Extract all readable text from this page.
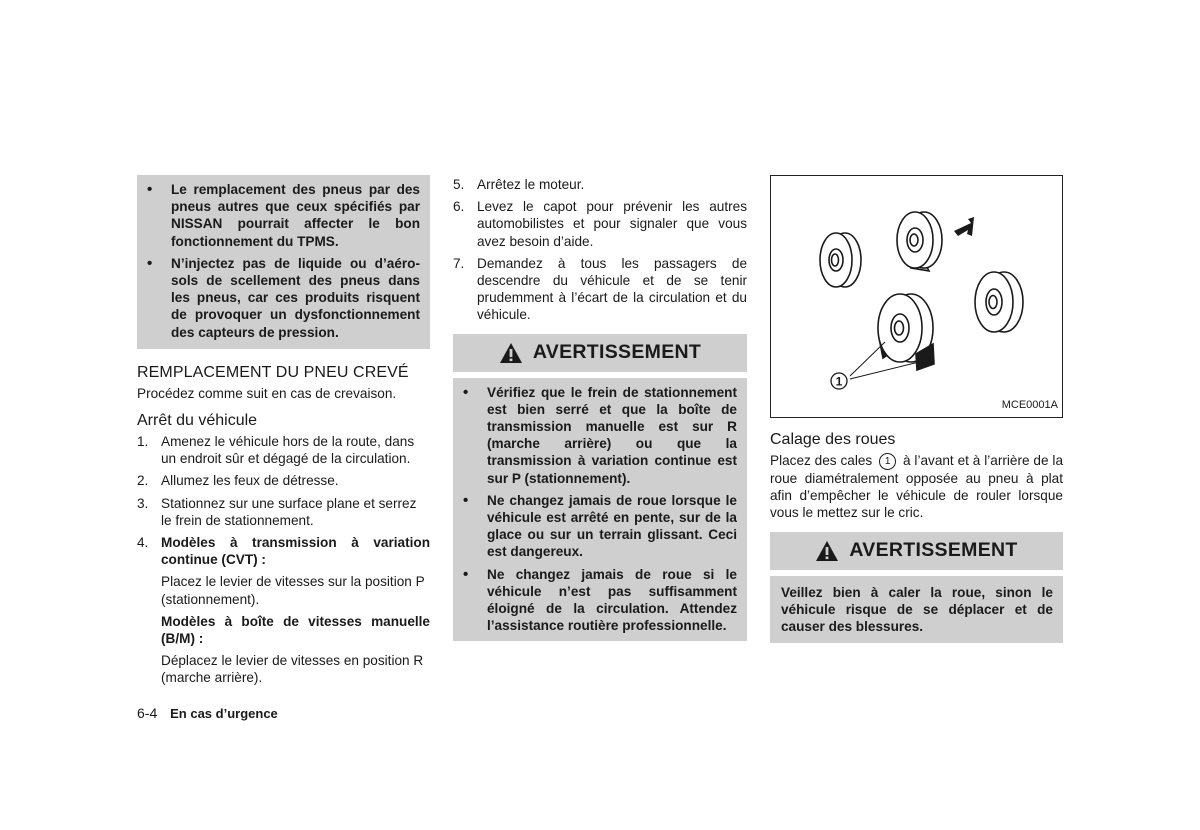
• Le remplacement des pneus par des pneus autres que ceux spécifiés par NISSAN pourrait affecter le bon fonctionnement du TPMS.
• N’injectez pas de liquide ou d’aéro-sols de scellement des pneus dans les pneus, car ces produits risquent de provoquer un dysfonctionnement des capteurs de pression.
REMPLACEMENT DU PNEU CREVÉ

Procédez comme suit en cas de crevaison.

Arrêt du véhicule
1. Amenez le véhicule hors de la route, dans un endroit sûr et dégagé de la circulation.
2. Allumez les feux de détresse.
3. Stationnez sur une surface plane et serrez le frein de stationnement.
4. Modèles à transmission à variation continue (CVT) :

Placez le levier de vitesses sur la position P (stationnement).

Modèles à boîte de vitesses manuelle (B/M) :

Déplacez le levier de vitesses en position R (marche arrière).

5. Arrêtez le moteur.
6. Levez le capot pour prévenir les autres automobilistes et pour signaler que vous avez besoin d’aide.
7. Demandez à tous les passagers de descendre du véhicule et de se tenir prudemment à l’écart de la circulation et du véhicule.
AVERTISSEMENT
• Vérifiez que le frein de stationnement est bien serré et que la boîte de transmission manuelle est sur R (marche arrière) ou que la transmission à variation continue est sur P (stationnement).
• Ne changez jamais de roue lorsque le véhicule est arrêté en pente, sur de la glace ou sur un terrain glissant. Ceci est dangereux.
• Ne changez jamais de roue si le véhicule n’est pas suffisamment éloigné de la circulation. Attendez l’assistance routière professionnelle.
1
MCE0001A
Calage des roues

Placez des cales 1 à l’avant et à l’arrière de la roue diamétralement opposée au pneu à plat afin d’empêcher le véhicule de rouler lorsque vous le mettez sur le cric.

AVERTISSEMENT
Veillez bien à caler la roue, sinon le véhicule risque de se déplacer et de causer des blessures.
6-4 En cas d’urgence
